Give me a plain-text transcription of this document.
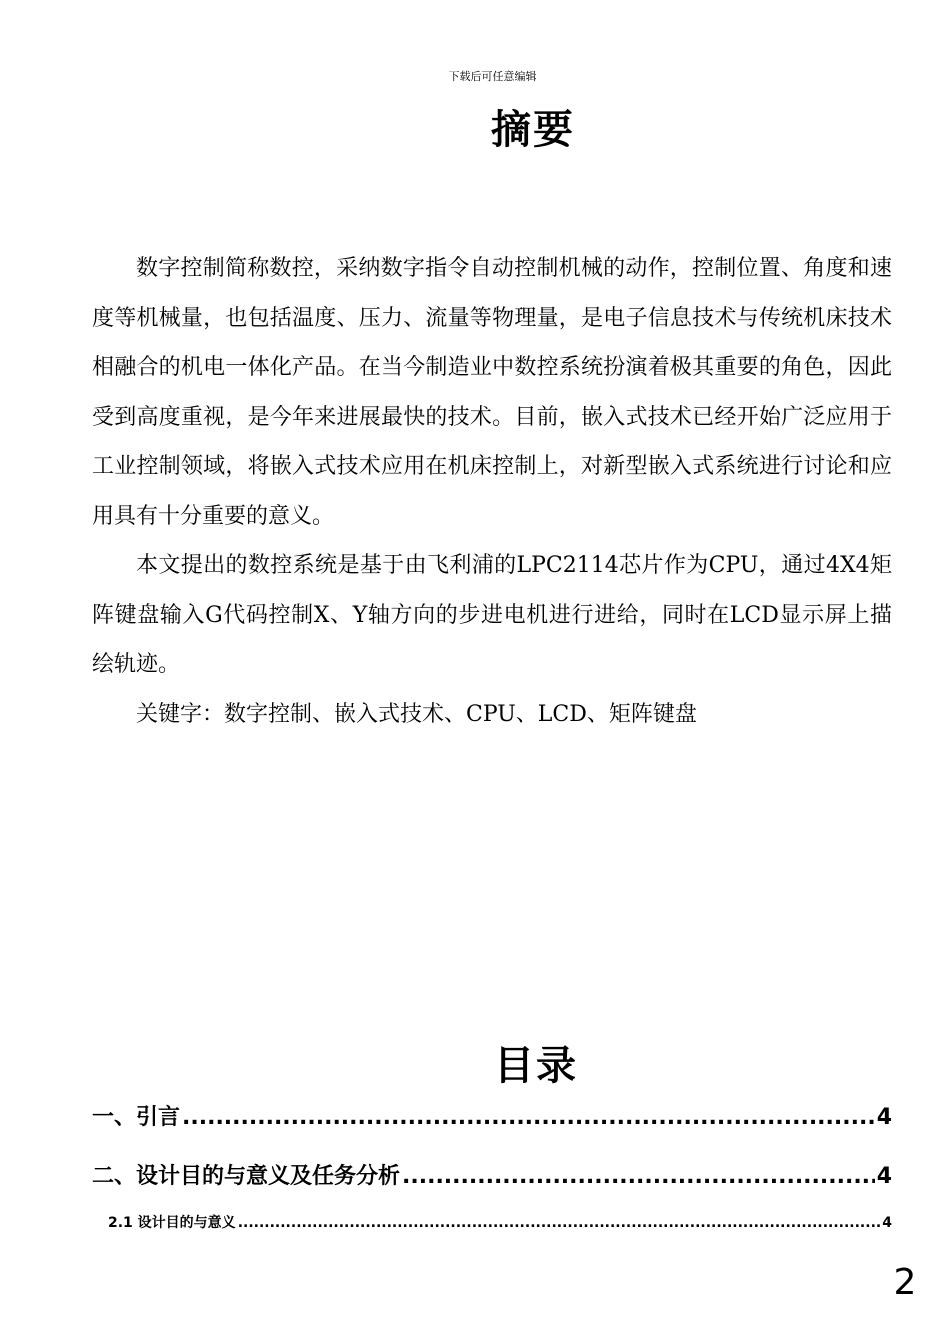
下载后可任意编辑
摘要

数字控制简称数控，采纳数字指令自动控制机械的动作，控制位置、角度和速度等机械量，也包括温度、压力、流量等物理量，是电子信息技术与传统机床技术相融合的机电一体化产品。在当今制造业中数控系统扮演着极其重要的角色，因此受到高度重视，是今年来进展最快的技术。目前，嵌入式技术已经开始广泛应用于工业控制领域，将嵌入式技术应用在机床控制上，对新型嵌入式系统进行讨论和应用具有十分重要的意义。

本文提出的数控系统是基于由飞利浦的LPC2114芯片作为CPU，通过4X4矩阵键盘输入G代码控制X、Y轴方向的步进电机进行进给，同时在LCD显示屏上描绘轨迹。

关键字：数字控制、嵌入式技术、CPU、LCD、矩阵键盘

目录
一、引言 .....	4
二、设计目的与意义及任务分析 .....	4
2.1 设计目的与意义 .....	4
2
